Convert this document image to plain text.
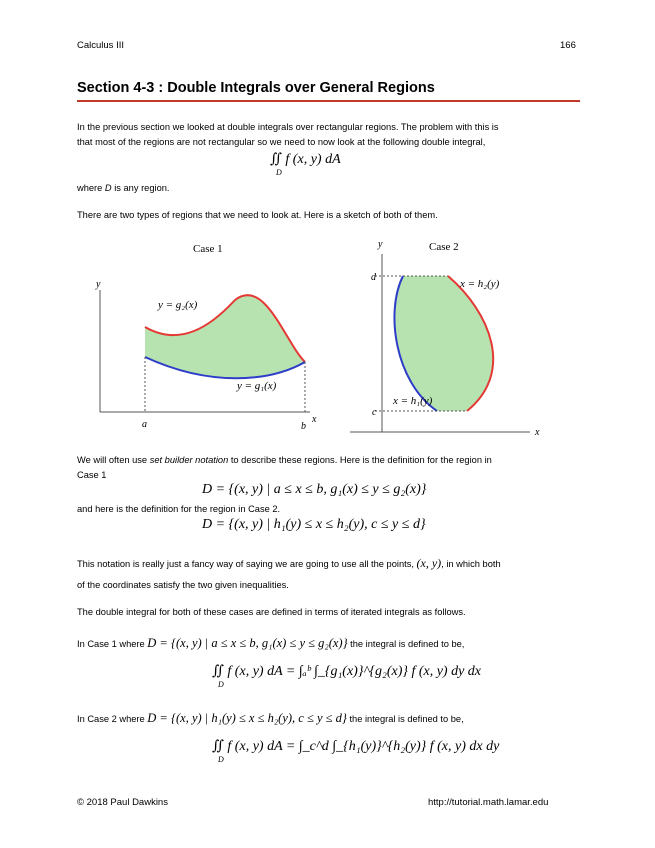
Calculus III	166
Section 4-3 : Double Integrals over General Regions
In the previous section we looked at double integrals over rectangular regions. The problem with this is
that most of the regions are not rectangular so we need to now look at the following double integral,
∬ f (x, y) dA
D
where D is any region.
There are two types of regions that we need to look at. Here is a sketch of both of them.
Case 1
y
x
a	b
y = g₂(x)
y = g₁(x)
Case 2
y
x
d
c
x = h₂(y)
x = h₁(y)
We will often use set builder notation to describe these regions. Here is the definition for the region in
Case 1
D = {(x, y) | a ≤ x ≤ b, g₁(x) ≤ y ≤ g₂(x)}
and here is the definition for the region in Case 2.
D = {(x, y) | h₁(y) ≤ x ≤ h₂(y), c ≤ y ≤ d}
This notation is really just a fancy way of saying we are going to use all the points, (x, y), in which both
of the coordinates satisfy the two given inequalities.
The double integral for both of these cases are defined in terms of iterated integrals as follows.
In Case 1 where D = {(x, y) | a ≤ x ≤ b, g₁(x) ≤ y ≤ g₂(x)} the integral is defined to be,
∬ f (x, y) dA = ∫ₐᵇ ∫_{g₁(x)}^{g₂(x)} f (x, y) dy dx
D
In Case 2 where D = {(x, y) | h₁(y) ≤ x ≤ h₂(y), c ≤ y ≤ d} the integral is defined to be,
∬ f (x, y) dA = ∫_c^d ∫_{h₁(y)}^{h₂(y)} f (x, y) dx dy
D
© 2018 Paul Dawkins	http://tutorial.math.lamar.edu
